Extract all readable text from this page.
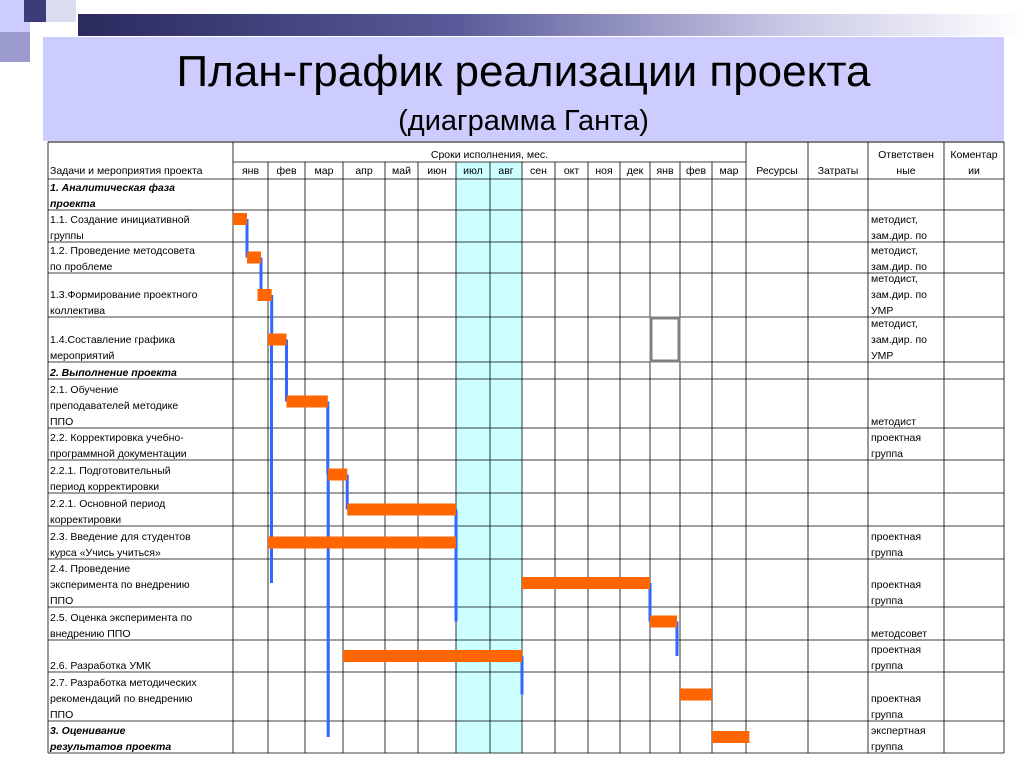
План-график реализации проекта
(диаграмма Ганта)
Задачи и мероприятия проекта
Сроки исполнения, мес.
янв фев мар апр май июн июл авг сен окт ноя дек янв фев мар Ресурсы Затраты
Ответствен
ные
Коментар
ии
1. Аналитическая фаза
проекта
1.1. Создание инициативной
группы
методист,
зам.дир. по
1.2. Проведение методсовета
по проблеме
методист,
зам.дир. по
1.3.Формирование проектного
коллектива
методист,
зам.дир. по
УМР
1.4.Составление графика
мероприятий
методист,
зам.дир. по
УМР
2. Выполнение проекта
2.1. Обучение
преподавателей методике
ППО	методист
2.2. Корректировка учебно-
программной документации
проектная
группа
2.2.1. Подготовительный
период корректировки
2.2.1. Основной период
корректировки
2.3. Введение для студентов
курса «Учись учиться»
проектная
группа
2.4. Проведение
эксперимента по внедрению
ППО
проектная
группа
2.5. Оценка эксперимента по
внедрению ППО	методсовет
2.6. Разработка УМК
проектная
группа
2.7. Разработка методических
рекомендаций по внедрению
ППО
проектная
группа
3. Оценивание
результатов проекта
экспертная
группа
